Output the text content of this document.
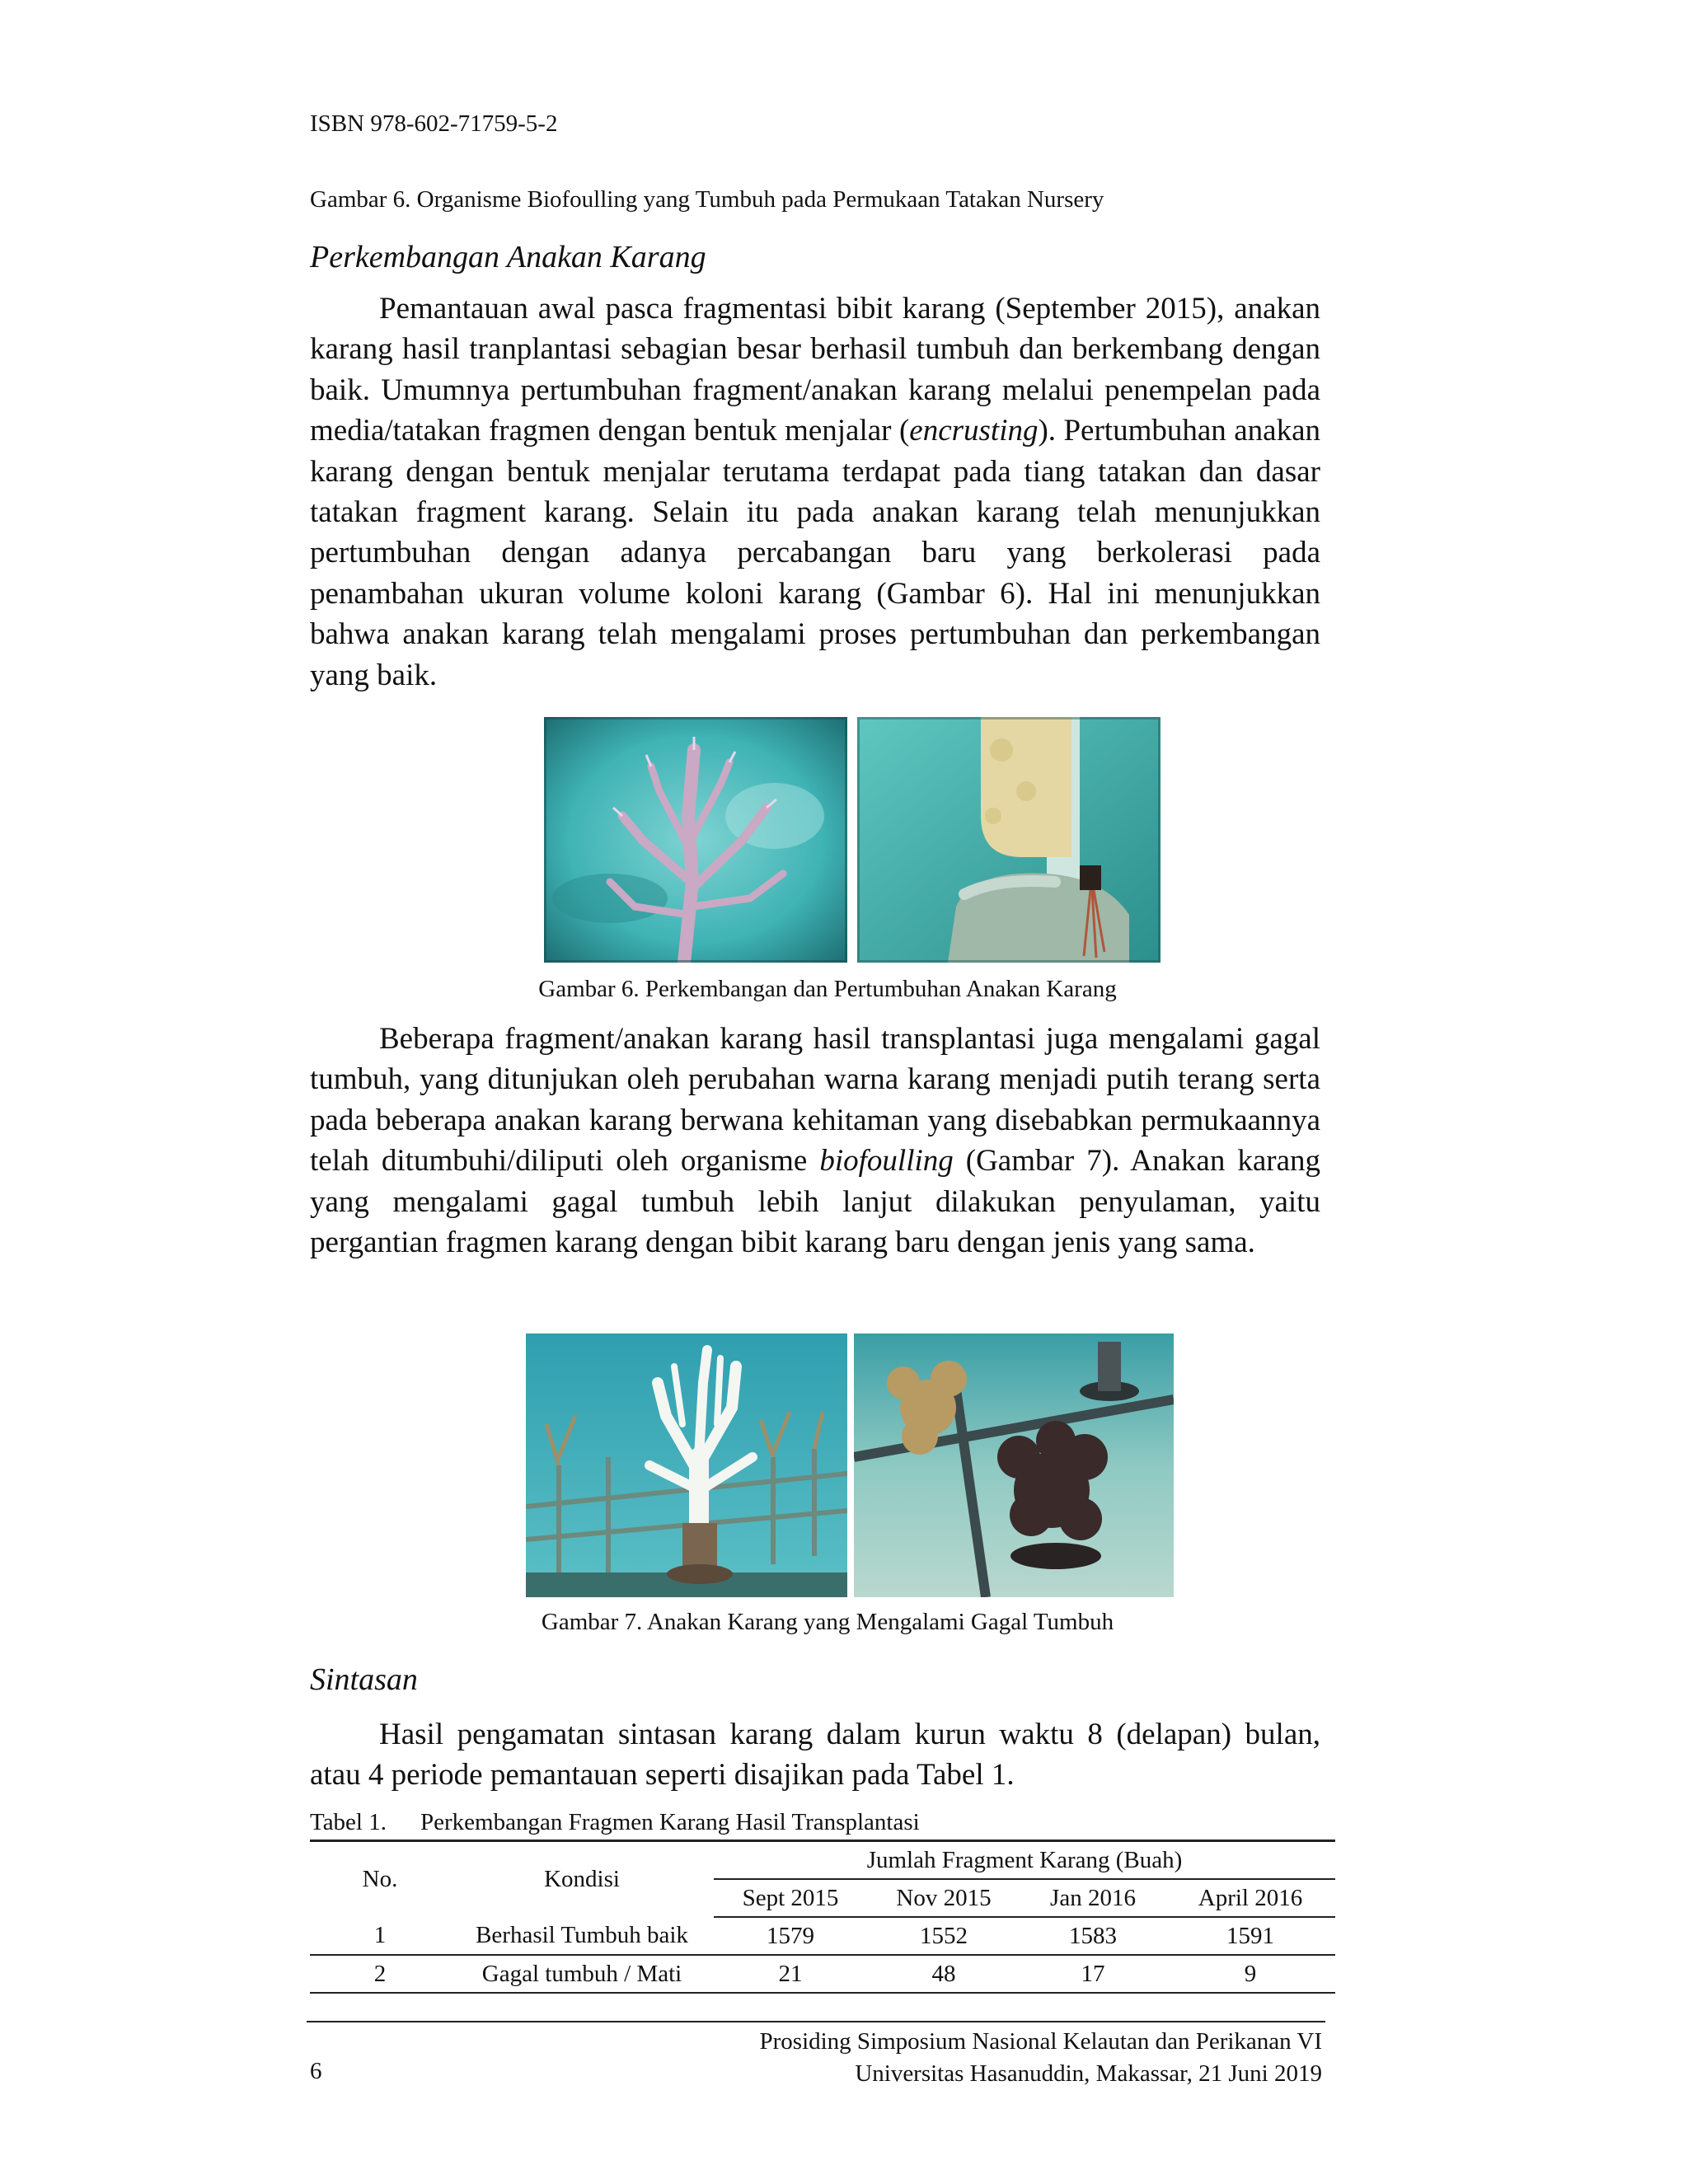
ISBN 978-602-71759-5-2
Gambar 6. Organisme Biofoulling yang Tumbuh pada Permukaan Tatakan Nursery
Perkembangan Anakan Karang

Pemantauan awal pasca fragmentasi bibit karang (September 2015), anakan karang hasil tranplantasi sebagian besar berhasil tumbuh dan berkembang dengan baik. Umumnya pertumbuhan fragment/anakan karang melalui penempelan pada media/tatakan fragmen dengan bentuk menjalar (encrusting). Pertumbuhan anakan karang dengan bentuk menjalar terutama terdapat pada tiang tatakan dan dasar tatakan fragment karang. Selain itu pada anakan karang telah menunjukkan pertumbuhan dengan adanya percabangan baru yang berkolerasi pada penambahan ukuran volume koloni karang (Gambar 6). Hal ini menunjukkan bahwa anakan karang telah mengalami proses pertumbuhan dan perkembangan yang baik.

Gambar 6. Perkembangan dan Pertumbuhan Anakan Karang

Beberapa fragment/anakan karang hasil transplantasi juga mengalami gagal tumbuh, yang ditunjukan oleh perubahan warna karang menjadi putih terang serta pada beberapa anakan karang berwana kehitaman yang disebabkan permukaannya telah ditumbuhi/diliputi oleh organisme biofoulling (Gambar 7). Anakan karang yang mengalami gagal tumbuh lebih lanjut dilakukan penyulaman, yaitu pergantian fragmen karang dengan bibit karang baru dengan jenis yang sama.

Gambar 7. Anakan Karang yang Mengalami Gagal Tumbuh
Sintasan

Hasil pengamatan sintasan karang dalam kurun waktu 8 (delapan) bulan, atau 4 periode pemantauan seperti disajikan pada Tabel 1.

Tabel 1. Perkembangan Fragmen Karang Hasil Transplantasi
No.	Kondisi	Jumlah Fragment Karang (Buah)			
		Sept 2015	Nov 2015	Jan 2016	April 2016
1	Berhasil Tumbuh baik	1579	1552	1583	1591
2	Gagal tumbuh / Mati	21	48	17	9
Prosiding Simposium Nasional Kelautan dan Perikanan VI
Universitas Hasanuddin, Makassar, 21 Juni 2019
6
